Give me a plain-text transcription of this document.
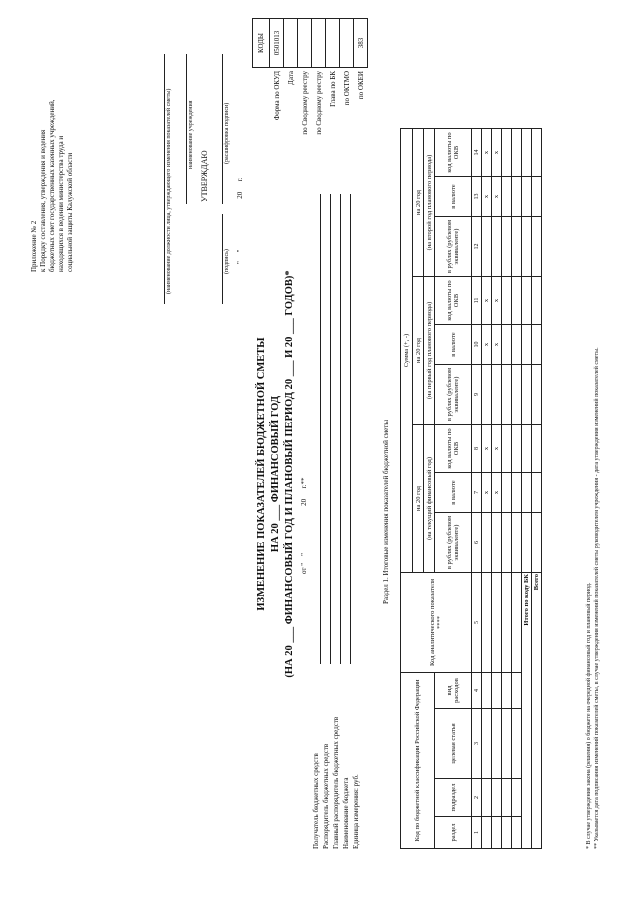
Приложение № 2 к Порядку составления, утверждения и ведения бюджетных смет государственных казенных учреждений, находящихся в ведении министерства труда и социальной защиты Калужской области	УТВЕРЖДАЮ
(наименование должности лица, утверждающего изменения показателей сметы)	наименование учреждения
(подпись)
(расшифровка подписи)
"     "                             20      г.
ИЗМЕНЕНИЕ ПОКАЗАТЕЛЕЙ БЮДЖЕТНОЙ СМЕТЫ НА 20 ___ ФИНАНСОВЫЙ ГОД (НА 20 ___ ФИНАНСОВЫЙ ГОД И ПЛАНОВЫЙ ПЕРИОД 20 ___ И 20 ___ ГОДОВ)* от "    "                           20      г.**
Получатель бюджетных средств Распорядитель бюджетных средств Главный распорядитель бюджетных средств Наименование бюджета Единица измерения: руб.
	КОДЫ
Форма по ОКУД	0501013
Дата	
по Сводному реестру	
по Сводному реестру	
Глава по БК	
по ОКТМО	
по ОКЕИ	383
Раздел 1. Итоговые изменения показателей бюджетной сметы
Код по бюджетной классификации Российской Федерации				Код аналитического показателя ****	Сумма (+, -)								
					на 20 год			на 20 год			на 20 год		
					(на текущий финансовый год)			(на первый год планового периода)			(на второй год планового периода)		
раздел	подраздел	целевая статья	вид расходов		в рублях (рублевом эквиваленте)	в валюте	код валюты по ОКВ	в рублях (рублевом эквиваленте)	в валюте	код валюты по ОКВ	в рублях (рублевом эквиваленте)	в валюте	код валюты по ОКВ

1	2	3	4	5	6	7	8	9	10	11	12	13	14
						x	x		x	x		x	x
						x	x		x	x		x	x

Итого по коду БК													
Всего													
* В случае утверждения закона (решения) о бюджете на очередной финансовый год и плановый период. ** Указывается дата подписания изменений показателей сметы, в случае утверждения изменений показателей сметы руководителем учреждения - дата утверждения изменений показателей сметы.
